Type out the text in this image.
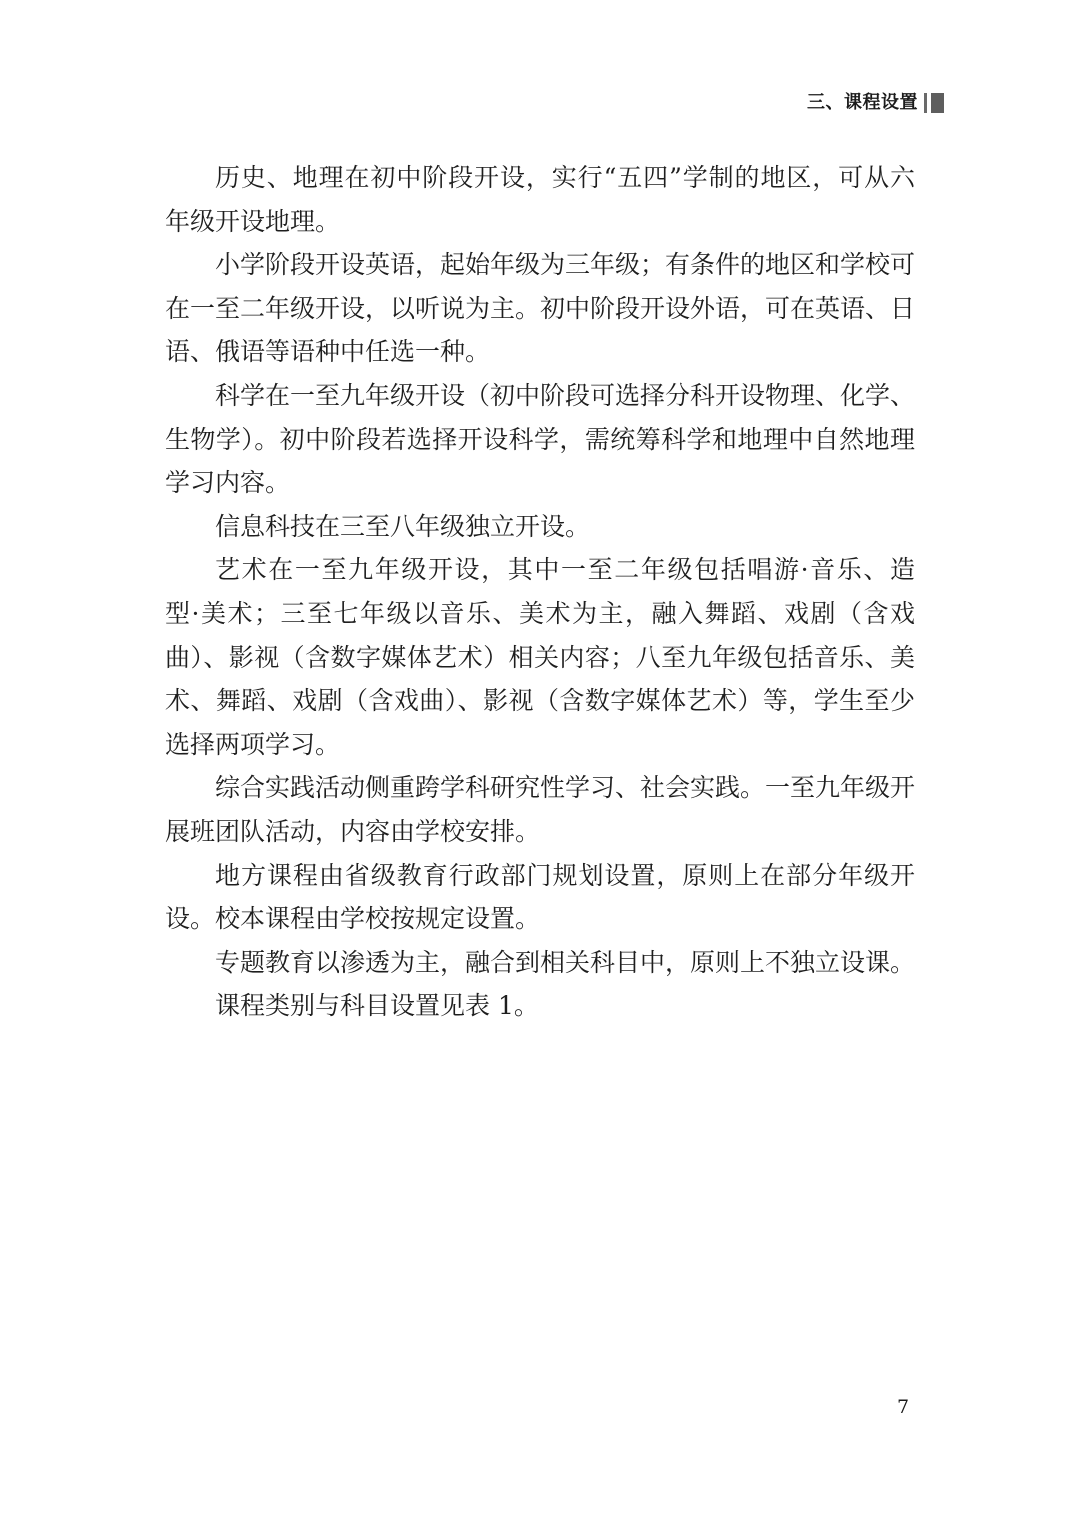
三、课程设置
历史、地理在初中阶段开设，实行“五四”学制的地区，可从六
年级开设地理。
小学阶段开设英语，起始年级为三年级；有条件的地区和学校可
在一至二年级开设，以听说为主。初中阶段开设外语，可在英语、日
语、俄语等语种中任选一种。
科学在一至九年级开设（初中阶段可选择分科开设物理、化学、
生物学）。初中阶段若选择开设科学，需统筹科学和地理中自然地理
学习内容。
信息科技在三至八年级独立开设。
艺术在一至九年级开设，其中一至二年级包括唱游·音乐、造
型·美术；三至七年级以音乐、美术为主，融入舞蹈、戏剧（含戏
曲）、影视（含数字媒体艺术）相关内容；八至九年级包括音乐、美
术、舞蹈、戏剧（含戏曲）、影视（含数字媒体艺术）等，学生至少
选择两项学习。
综合实践活动侧重跨学科研究性学习、社会实践。一至九年级开
展班团队活动，内容由学校安排。
地方课程由省级教育行政部门规划设置，原则上在部分年级开
设。校本课程由学校按规定设置。
专题教育以渗透为主，融合到相关科目中，原则上不独立设课。
课程类别与科目设置见表 1。
7
